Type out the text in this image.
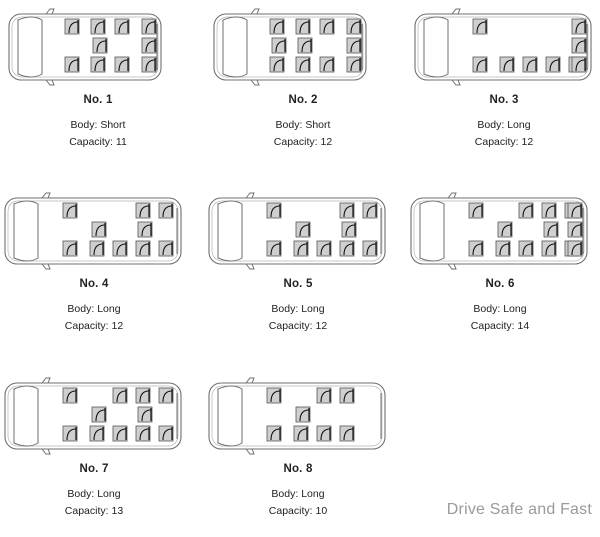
No. 1
Body: Short
Capacity: 11
No. 2
Body: Short
Capacity: 12
No. 3
Body: Long
Capacity: 12
No. 4
Body: Long
Capacity: 12
No. 5
Body: Long
Capacity: 12
No. 6
Body: Long
Capacity: 14
No. 7
Body: Long
Capacity: 13
No. 8
Body: Long
Capacity: 10	Drive Safe and Fast
